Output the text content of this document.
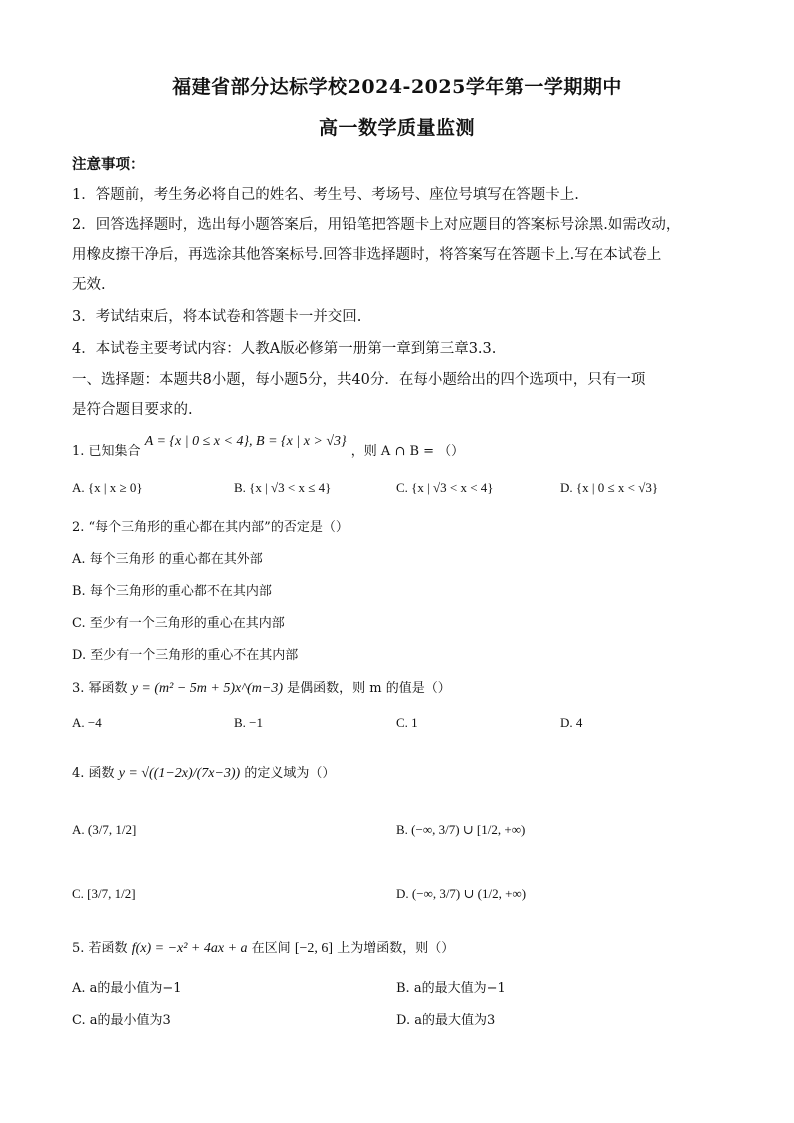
福建省部分达标学校2024-2025学年第一学期期中
高一数学质量监测
注意事项：
1．答题前，考生务必将自己的姓名、考生号、考场号、座位号填写在答题卡上.
2．回答选择题时，选出每小题答案后，用铅笔把答题卡上对应题目的答案标号涂黑.如需改动，
用橡皮擦干净后，再选涂其他答案标号.回答非选择题时，将答案写在答题卡上.写在本试卷上
无效.
3．考试结束后，将本试卷和答题卡一并交回.
4．本试卷主要考试内容：人教A版必修第一册第一章到第三章3.3.
一、选择题：本题共8小题，每小题5分，共40分．在每小题给出的四个选项中，只有一项
是符合题目要求的.
1. 已知集合 A = {x | 0 ≤ x < 4}, B = {x | x > √3} ，则 A ∩ B = （）
A. {x | x ≥ 0}	B. {x | √3 < x ≤ 4}	C. {x | √3 < x < 4}	D. {x | 0 ≤ x < √3}
2. “每个三角形的重心都在其内部”的否定是（）
A. 每个三角形 的重心都在其外部
B. 每个三角形的重心都不在其内部
C. 至少有一个三角形的重心在其内部
D. 至少有一个三角形的重心不在其内部
3. 幂函数 y = (m² − 5m + 5)x^(m−3) 是偶函数，则 m 的值是（）
A. −4	B. −1	C. 1	D. 4
4. 函数 y = √((1−2x)/(7x−3)) 的定义域为（）
A. (3/7, 1/2]	B. (−∞, 3/7) ∪ [1/2, +∞)
C. [3/7, 1/2]	D. (−∞, 3/7) ∪ (1/2, +∞)
5. 若函数 f(x) = −x² + 4ax + a 在区间 [−2, 6] 上为增函数，则（）
A. a的最小值为−1	B. a的最大值为−1
C. a的最小值为3	D. a的最大值为3
